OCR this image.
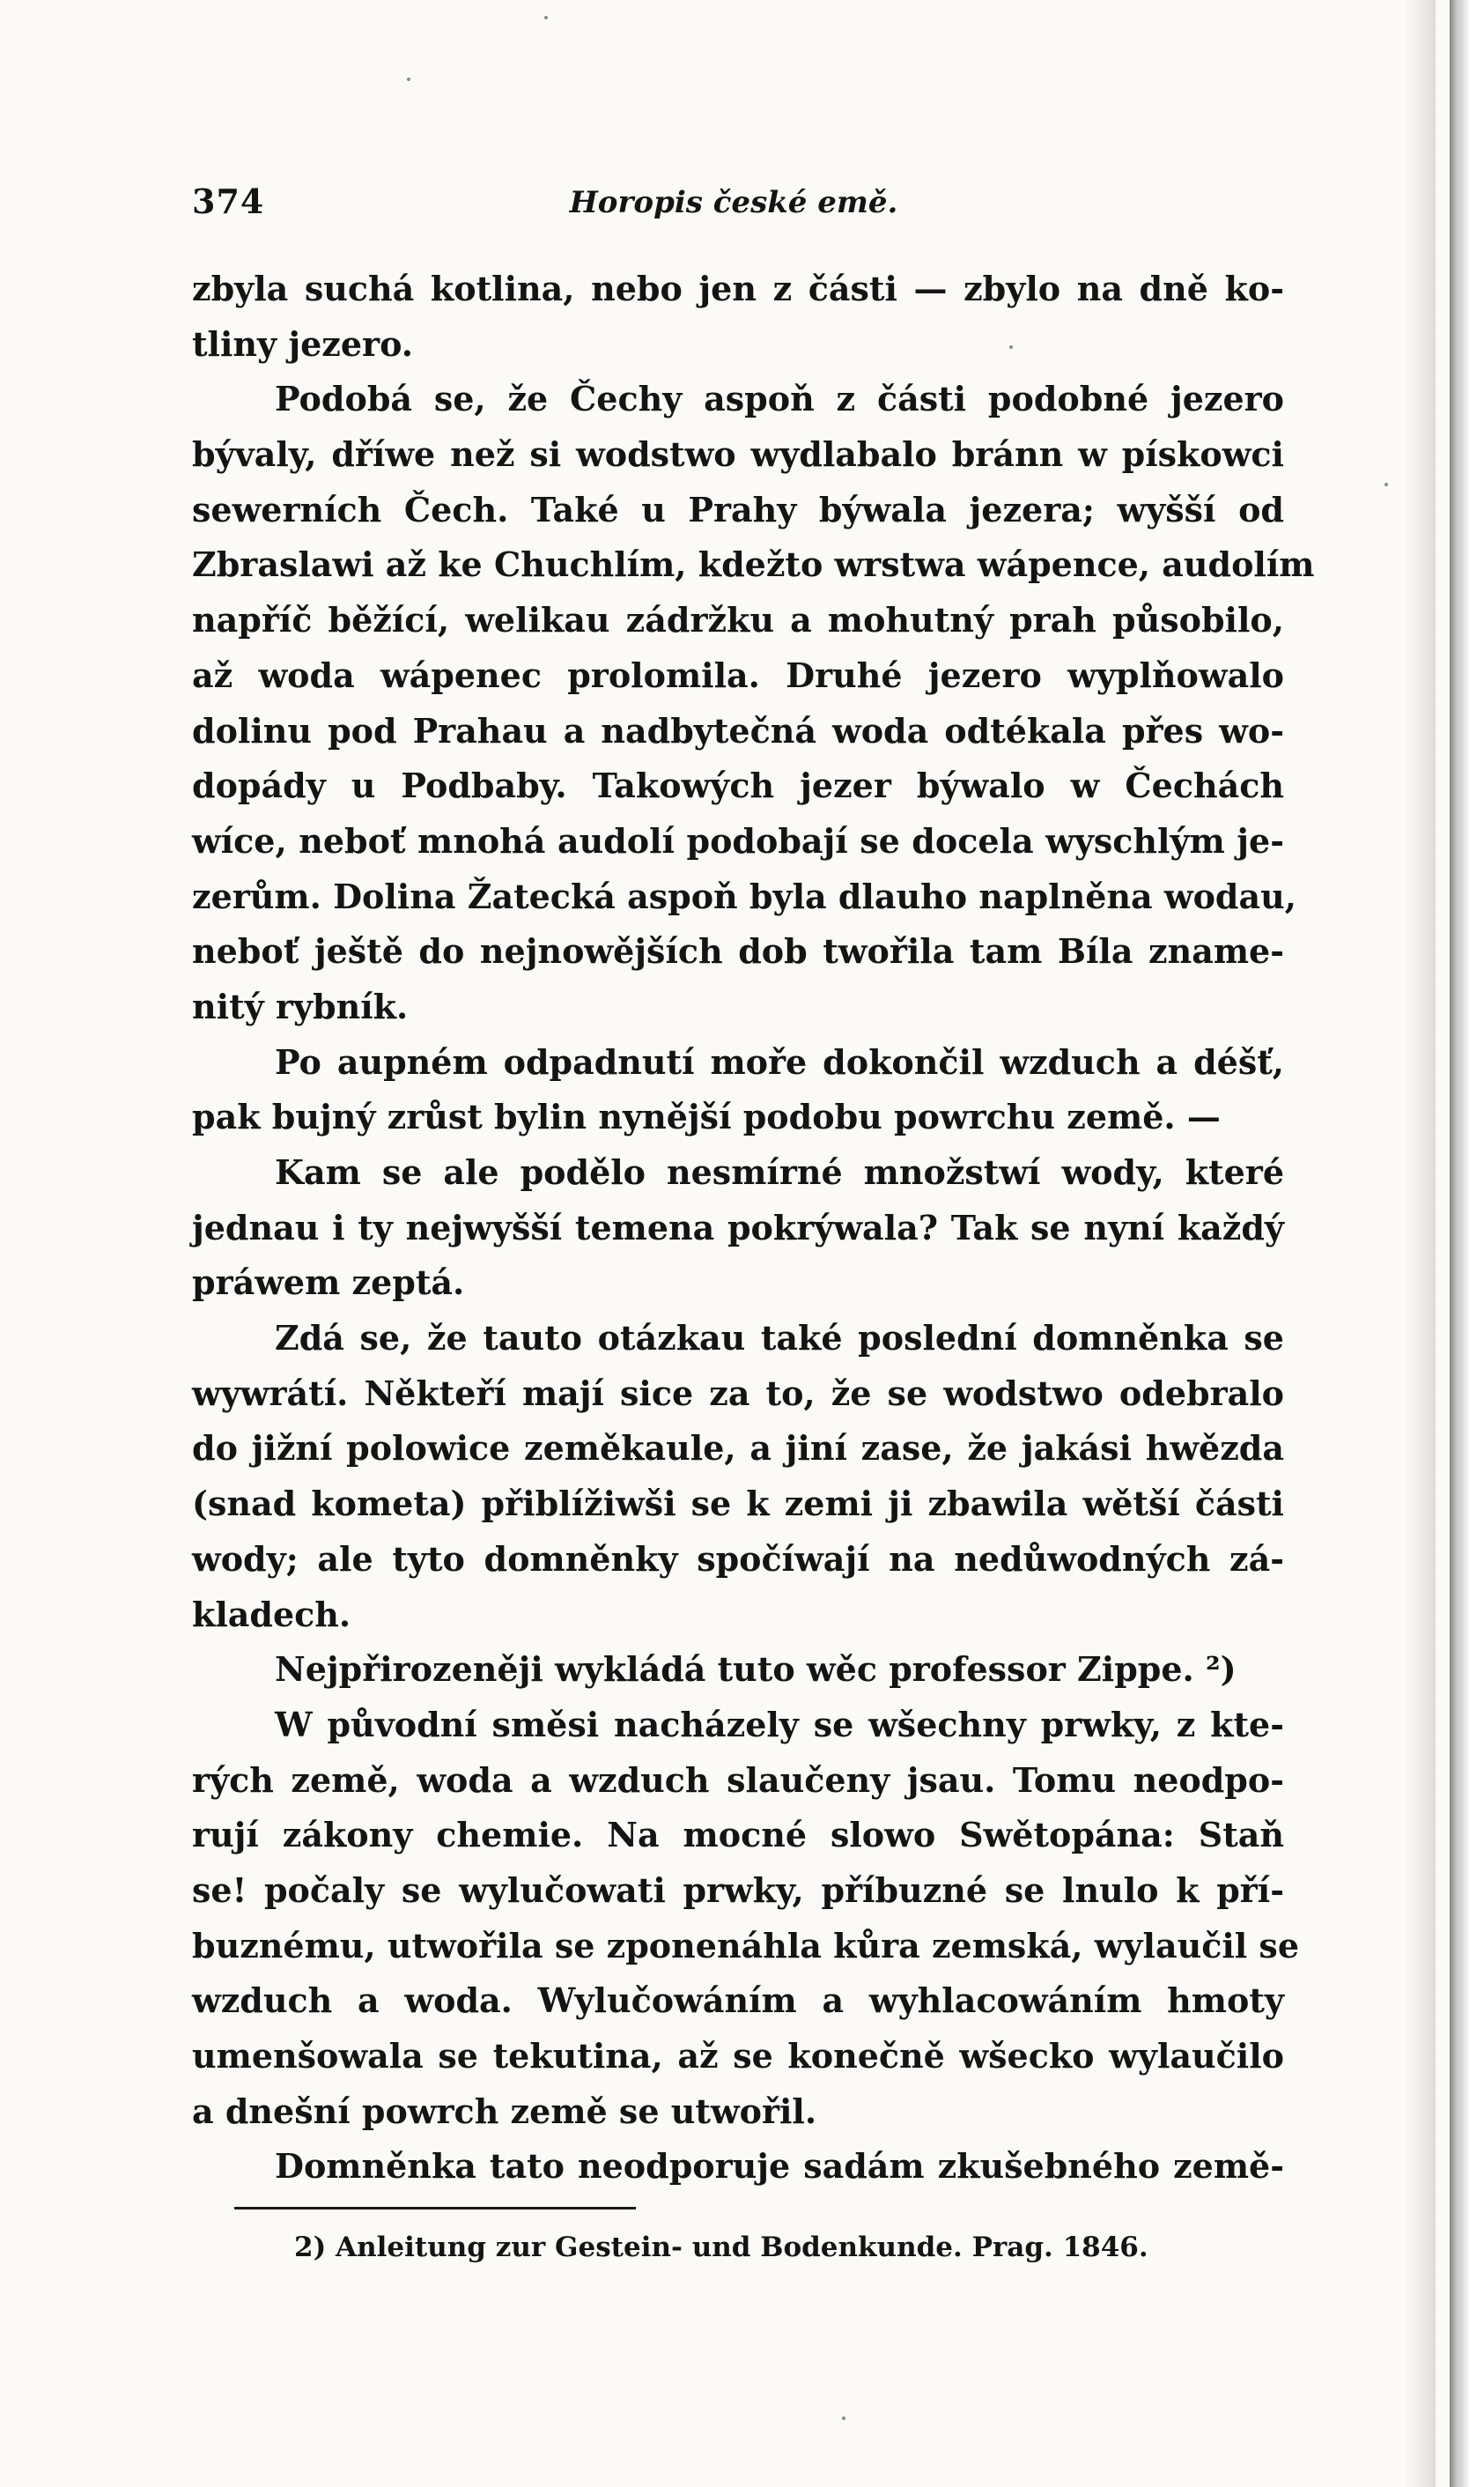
374	Horopis české emě.
zbyla suchá kotlina, nebo jen z části — zbylo na dně ko-
tliny jezero.
Podobá se, že Čechy aspoň z části podobné jezero
bývaly, dříwe než si wodstwo wydlabalo bránn w pískowci
sewerních Čech. Také u Prahy býwala jezera; wyšší od
Zbraslawi až ke Chuchlím, kdežto wrstwa wápence, audolím
napříč běžící, welikau zádržku a mohutný prah působilo,
až woda wápenec prolomila. Druhé jezero wyplňowalo
dolinu pod Prahau a nadbytečná woda odtékala přes wo-
dopády u Podbaby. Takowých jezer býwalo w Čechách
wíce, neboť mnohá audolí podobají se docela wyschlým je-
zerům. Dolina Žatecká aspoň byla dlauho naplněna wodau,
neboť ještě do nejnowějších dob twořila tam Bíla zname-
nitý rybník.
Po aupném odpadnutí moře dokončil wzduch a déšť,
pak bujný zrůst bylin nynější podobu powrchu země. —
Kam se ale podělo nesmírné množstwí wody, které
jednau i ty nejwyšší temena pokrýwala? Tak se nyní každý
práwem zeptá.
Zdá se, že tauto otázkau také poslední domněnka se
wywrátí. Někteří mají sice za to, že se wodstwo odebralo
do jižní polowice zeměkaule, a jiní zase, že jakási hwězda
(snad kometa) přiblížiwši se k zemi ji zbawila wětší části
wody; ale tyto domněnky spočíwají na nedůwodných zá-
kladech.
Nejpřirozeněji wykládá tuto wěc professor Zippe. ²)
W původní směsi nacházely se wšechny prwky, z kte-
rých země, woda a wzduch slaučeny jsau. Tomu neodpo-
rují zákony chemie. Na mocné slowo Swětopána: Staň
se! počaly se wylučowati prwky, příbuzné se lnulo k pří-
buznému, utwořila se zponenáhla kůra zemská, wylaučil se
wzduch a woda. Wylučowáním a wyhlacowáním hmoty
umenšowala se tekutina, až se konečně wšecko wylaučilo
a dnešní powrch země se utwořil.
Domněnka tato neodporuje sadám zkušebného země-
2) Anleitung zur Gestein- und Bodenkunde. Prag. 1846.
